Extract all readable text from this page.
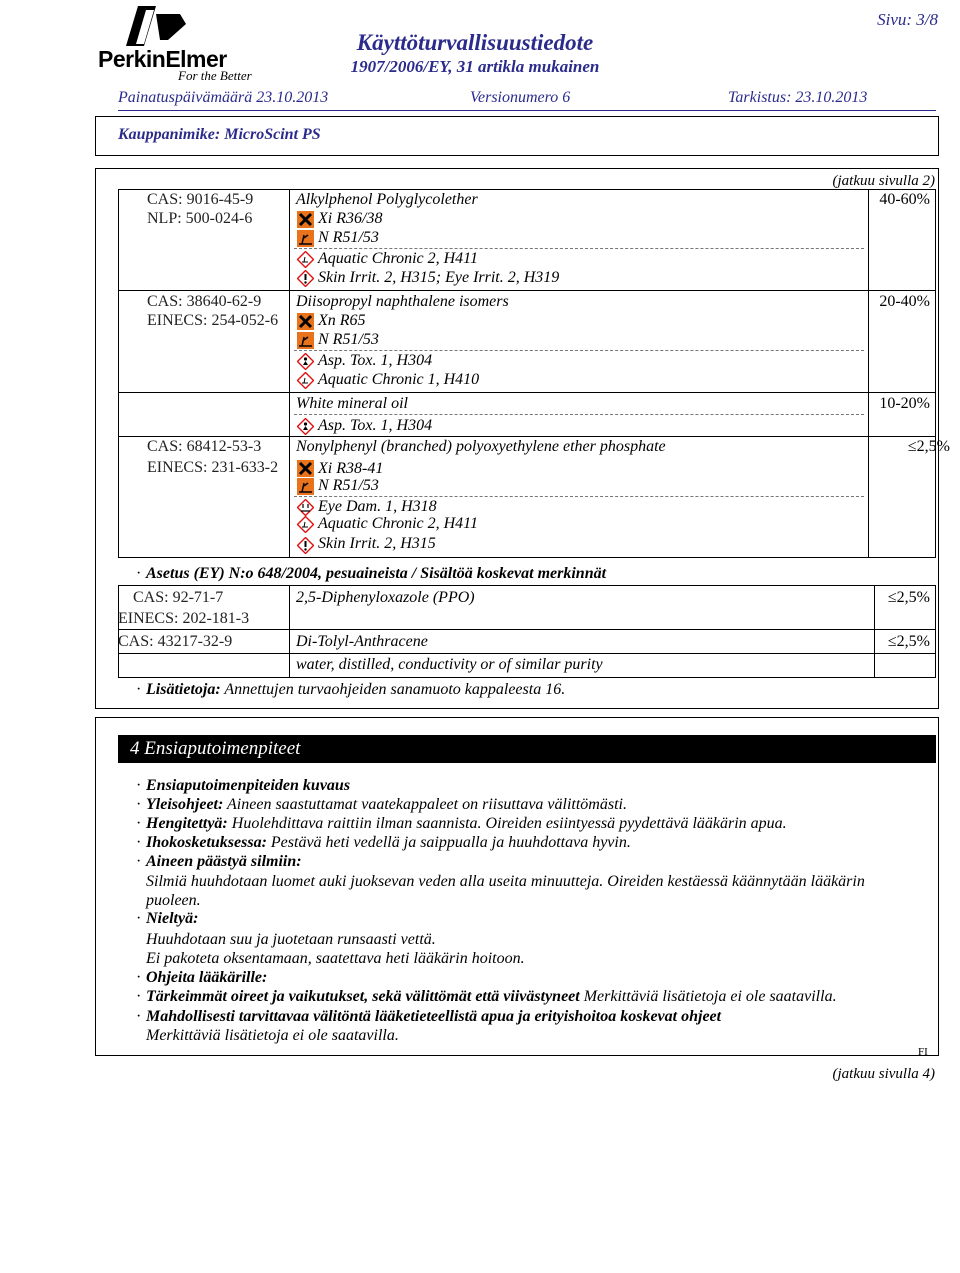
PerkinElmer
For the Better
Käyttöturvallisuustiedote
1907/2006/EY, 31 artikla mukainen
Sivu: 3/8
Painatuspäivämäärä 23.10.2013	Versionumero 6	Tarkistus: 23.10.2013
Kauppanimike: MicroScint PS
(jatkuu sivulla 2)
CAS: 9016-45-9
NLP: 500-024-6
Alkylphenol Polyglycolether	40-60%
Xi R36/38
N R51/53
Aquatic Chronic 2, H411
Skin Irrit. 2, H315; Eye Irrit. 2, H319
CAS: 38640-62-9
EINECS: 254-052-6
Diisopropyl naphthalene isomers	20-40%
Xn R65
N R51/53
Asp. Tox. 1, H304
Aquatic Chronic 1, H410
White mineral oil	10-20%
Asp. Tox. 1, H304
CAS: 68412-53-3
EINECS: 231-633-2
Nonylphenyl (branched) polyoxyethylene ether phosphate	≤2,5%
Xi R38-41
N R51/53
Eye Dam. 1, H318
Aquatic Chronic 2, H411
Skin Irrit. 2, H315
· Asetus (EY) N:o 648/2004, pesuaineista / Sisältöä koskevat merkinnät
CAS: 92-71-7
EINECS: 202-181-3
2,5-Diphenyloxazole (PPO)	≤2,5%
CAS: 43217-32-9	Di-Tolyl-Anthracene	≤2,5%
water, distilled, conductivity or of similar purity
· Lisätietoja: Annettujen turvaohjeiden sanamuoto kappaleesta 16.
4 Ensiaputoimenpiteet
· Ensiaputoimenpiteiden kuvaus
· Yleisohjeet: Aineen saastuttamat vaatekappaleet on riisuttava välittömästi.
· Hengitettyä: Huolehdittava raittiin ilman saannista. Oireiden esiintyessä pyydettävä lääkärin apua.
· Ihokosketuksessa: Pestävä heti vedellä ja saippualla ja huuhdottava hyvin.
· Aineen päästyä silmiin:
Silmiä huuhdotaan luomet auki juoksevan veden alla useita minuutteja. Oireiden kestäessä käännytään lääkärin
puoleen.
· Nieltyä:
Huuhdotaan suu ja juotetaan runsaasti vettä.
Ei pakoteta oksentamaan, saatettava heti lääkärin hoitoon.
· Ohjeita lääkärille:
· Tärkeimmät oireet ja vaikutukset, sekä välittömät että viivästyneet Merkittäviä lisätietoja ei ole saatavilla.
· Mahdollisesti tarvittavaa välitöntä lääketieteellistä apua ja erityishoitoa koskevat ohjeet
Merkittäviä lisätietoja ei ole saatavilla.
FI
(jatkuu sivulla 4)
